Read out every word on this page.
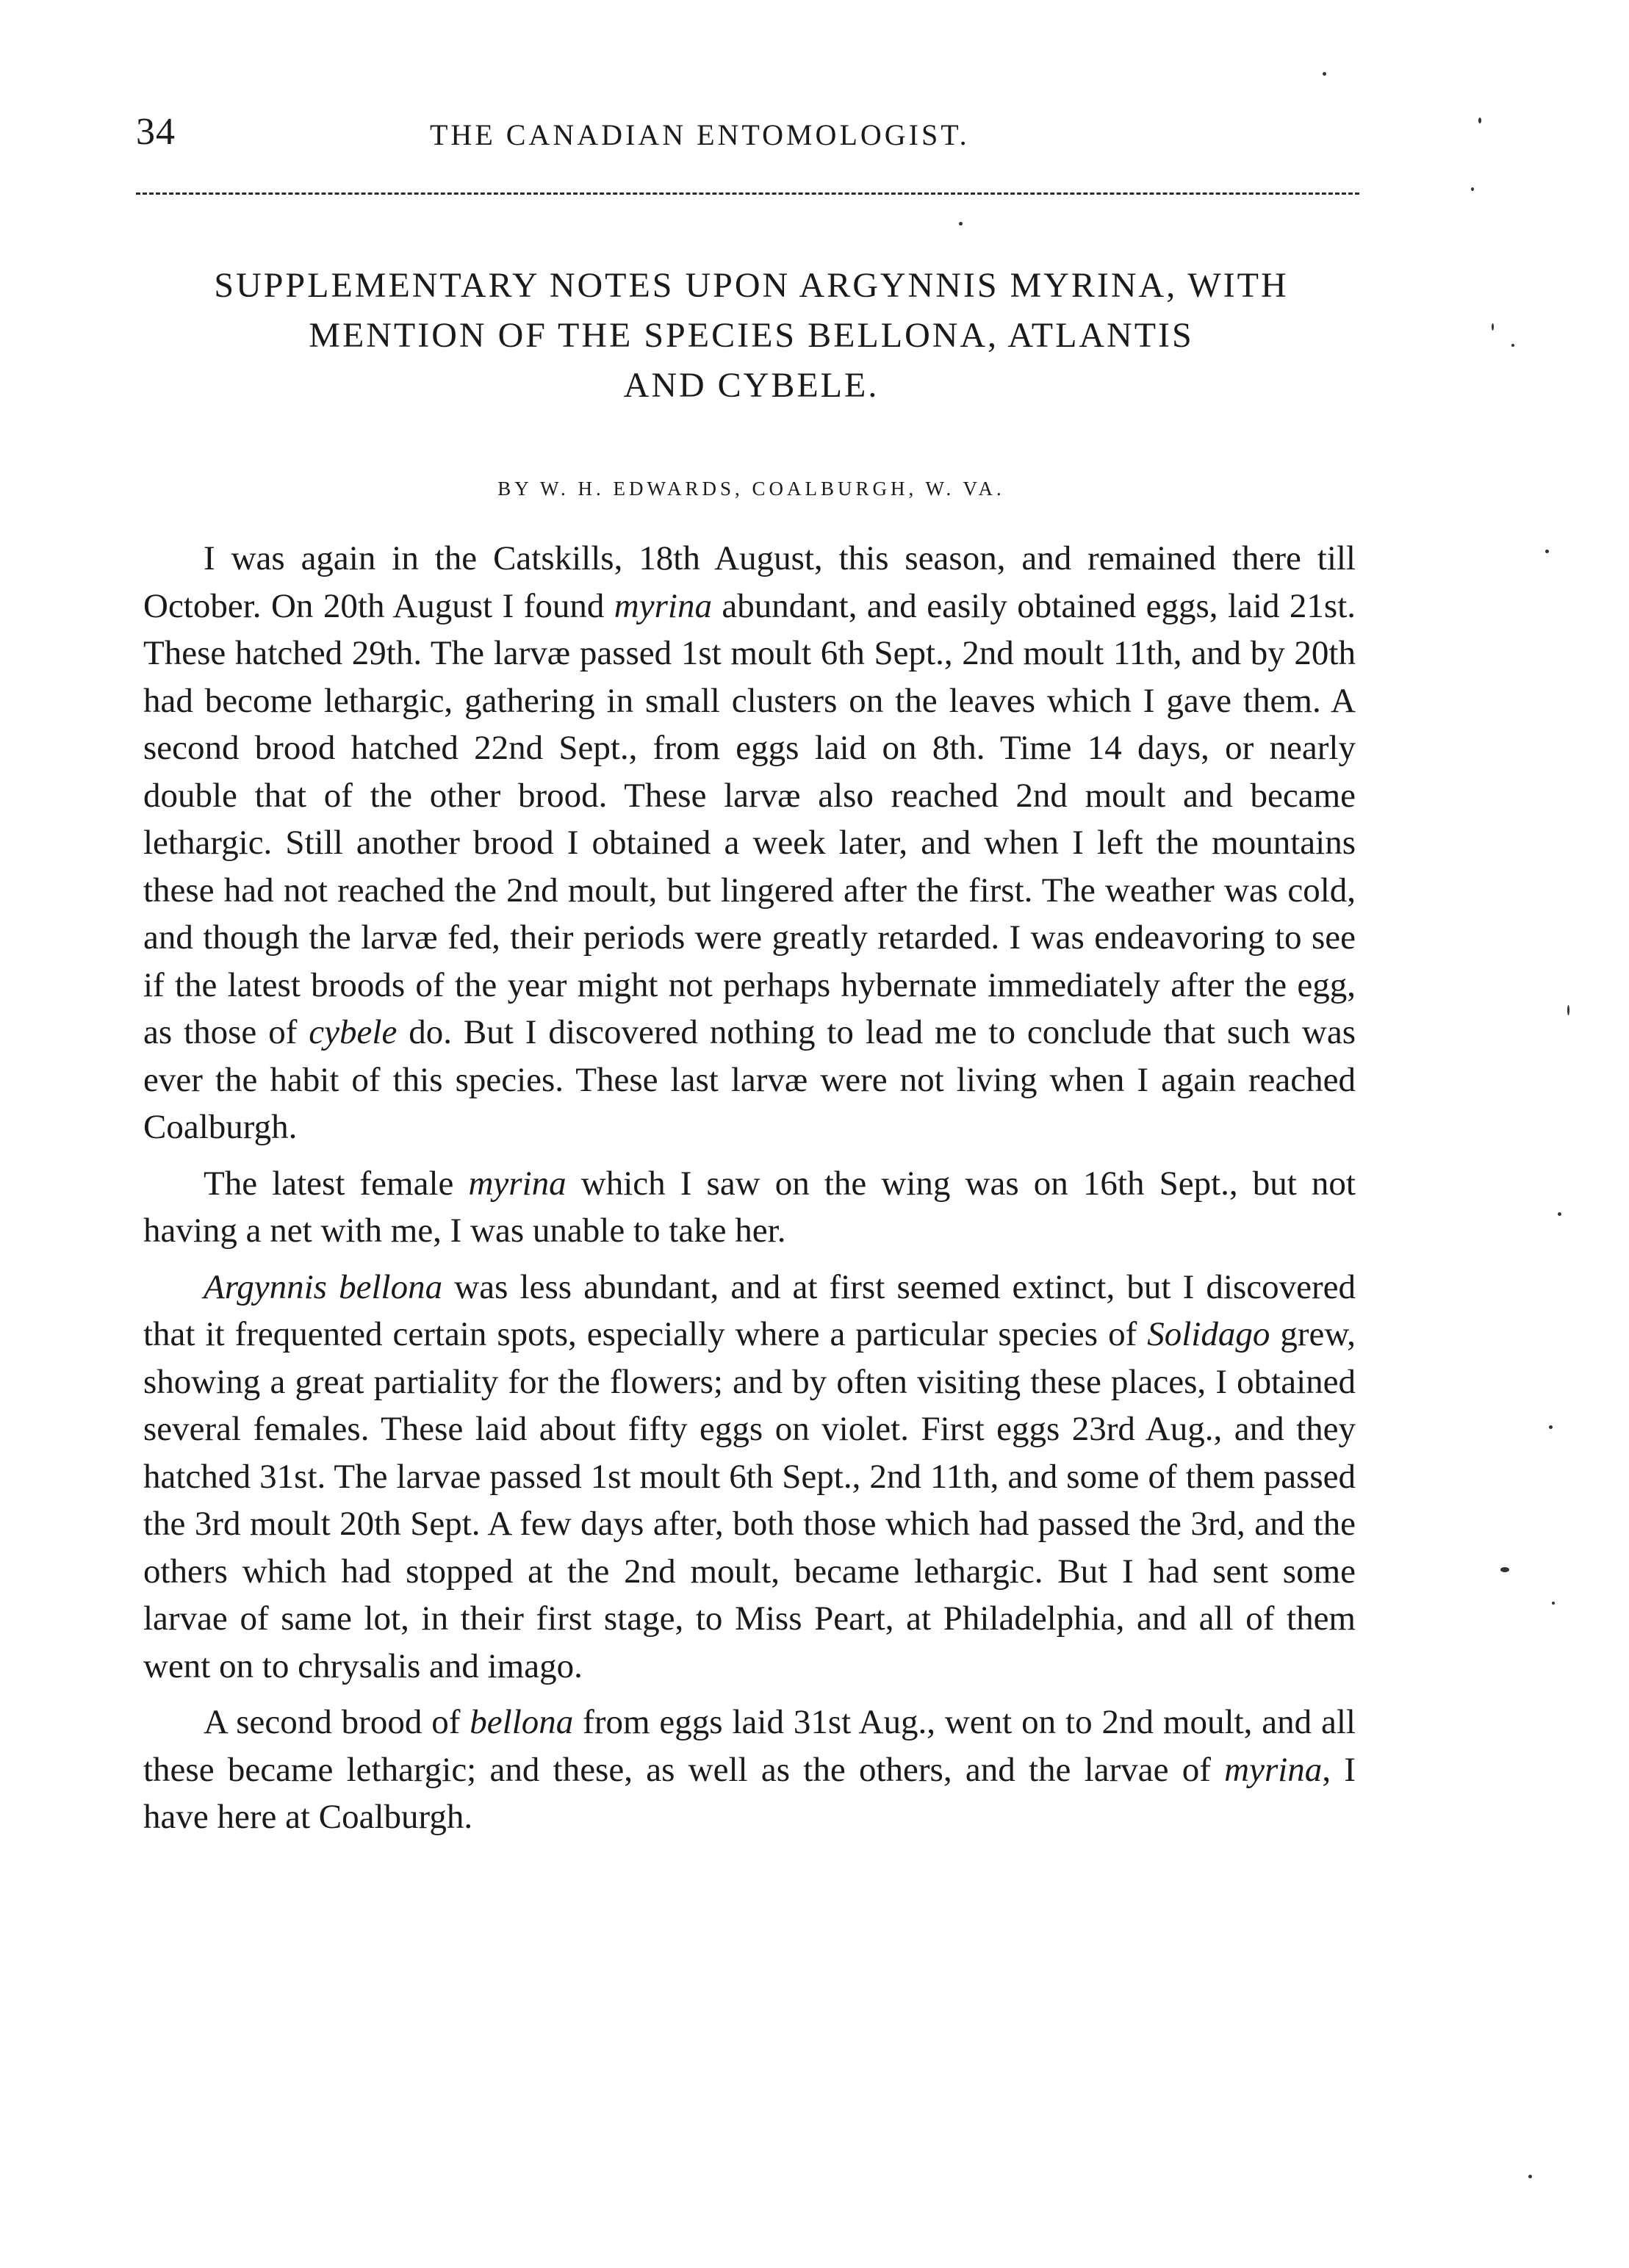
34	THE CANADIAN ENTOMOLOGIST.
SUPPLEMENTARY NOTES UPON ARGYNNIS MYRINA, WITH
MENTION OF THE SPECIES BELLONA, ATLANTIS
AND CYBELE.
BY W. H. EDWARDS, COALBURGH, W. VA.

I was again in the Catskills, 18th August, this season, and remained there till October. On 20th August I found myrina abundant, and easily obtained eggs, laid 21st. These hatched 29th. The larvæ passed 1st moult 6th Sept., 2nd moult 11th, and by 20th had become lethargic, gathering in small clusters on the leaves which I gave them. A second brood hatched 22nd Sept., from eggs laid on 8th. Time 14 days, or nearly double that of the other brood. These larvæ also reached 2nd moult and became lethargic. Still another brood I obtained a week later, and when I left the mountains these had not reached the 2nd moult, but lingered after the first. The weather was cold, and though the larvæ fed, their periods were greatly retarded. I was endeavoring to see if the latest broods of the year might not perhaps hybernate immediately after the egg, as those of cybele do. But I discovered nothing to lead me to conclude that such was ever the habit of this species. These last larvæ were not living when I again reached Coalburgh.

The latest female myrina which I saw on the wing was on 16th Sept., but not having a net with me, I was unable to take her.

Argynnis bellona was less abundant, and at first seemed extinct, but I discovered that it frequented certain spots, especially where a particular species of Solidago grew, showing a great partiality for the flowers; and by often visiting these places, I obtained several females. These laid about fifty eggs on violet. First eggs 23rd Aug., and they hatched 31st. The larvae passed 1st moult 6th Sept., 2nd 11th, and some of them passed the 3rd moult 20th Sept. A few days after, both those which had passed the 3rd, and the others which had stopped at the 2nd moult, became lethargic. But I had sent some larvae of same lot, in their first stage, to Miss Peart, at Philadelphia, and all of them went on to chrysalis and imago.

A second brood of bellona from eggs laid 31st Aug., went on to 2nd moult, and all these became lethargic; and these, as well as the others, and the larvae of myrina, I have here at Coalburgh.
